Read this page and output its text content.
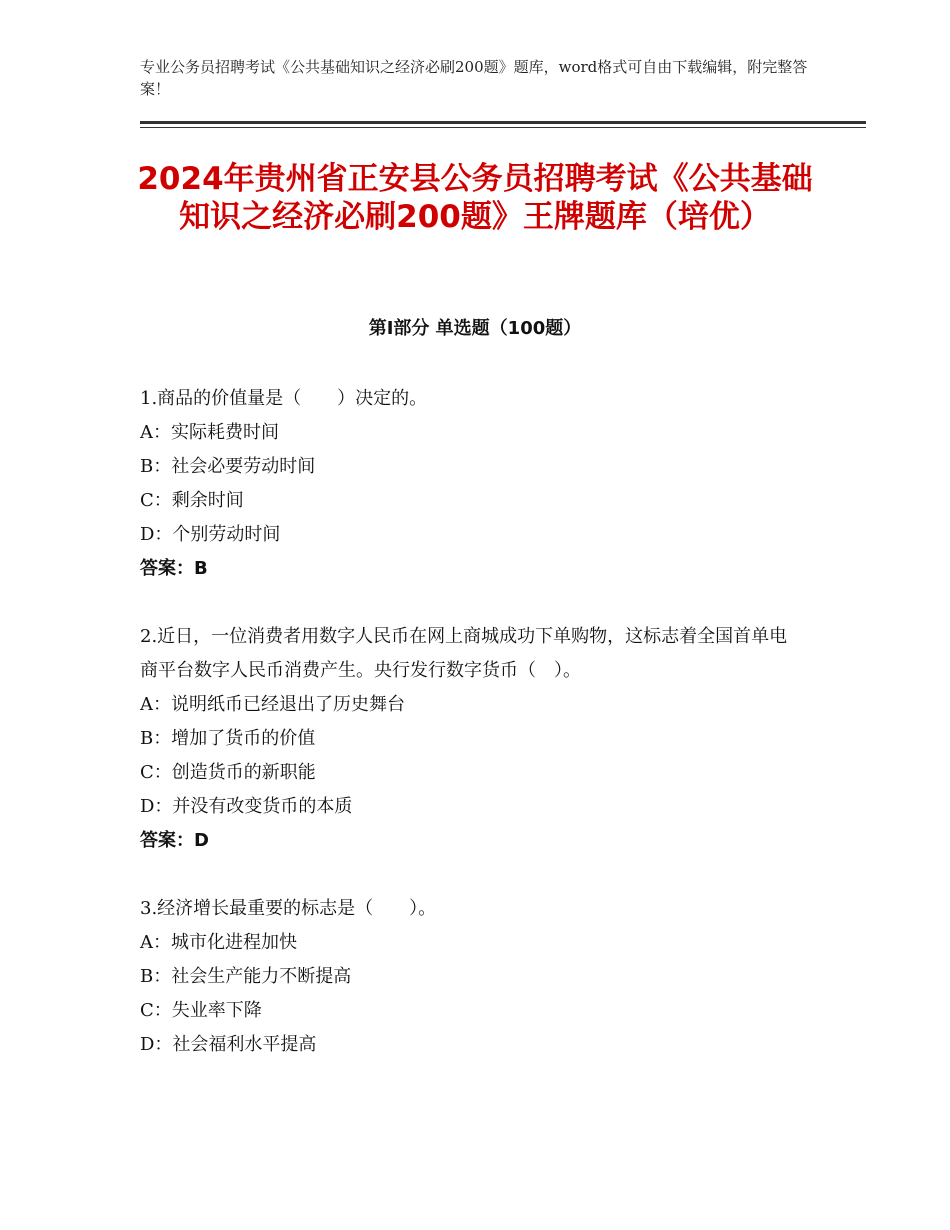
专业公务员招聘考试《公共基础知识之经济必刷200题》题库，word格式可自由下载编辑，附完整答案！
2024年贵州省正安县公务员招聘考试《公共基础知识之经济必刷200题》王牌题库（培优）
第Ⅰ部分 单选题（100题）
1.商品的价值量是（　　）决定的。
A：实际耗费时间
B：社会必要劳动时间
C：剩余时间
D：个别劳动时间
答案：B
2.近日，一位消费者用数字人民币在网上商城成功下单购物，这标志着全国首单电商平台数字人民币消费产生。央行发行数字货币（　）。
A：说明纸币已经退出了历史舞台
B：增加了货币的价值
C：创造货币的新职能
D：并没有改变货币的本质
答案：D
3.经济增长最重要的标志是（　　）。
A：城市化进程加快
B：社会生产能力不断提高
C：失业率下降
D：社会福利水平提高
